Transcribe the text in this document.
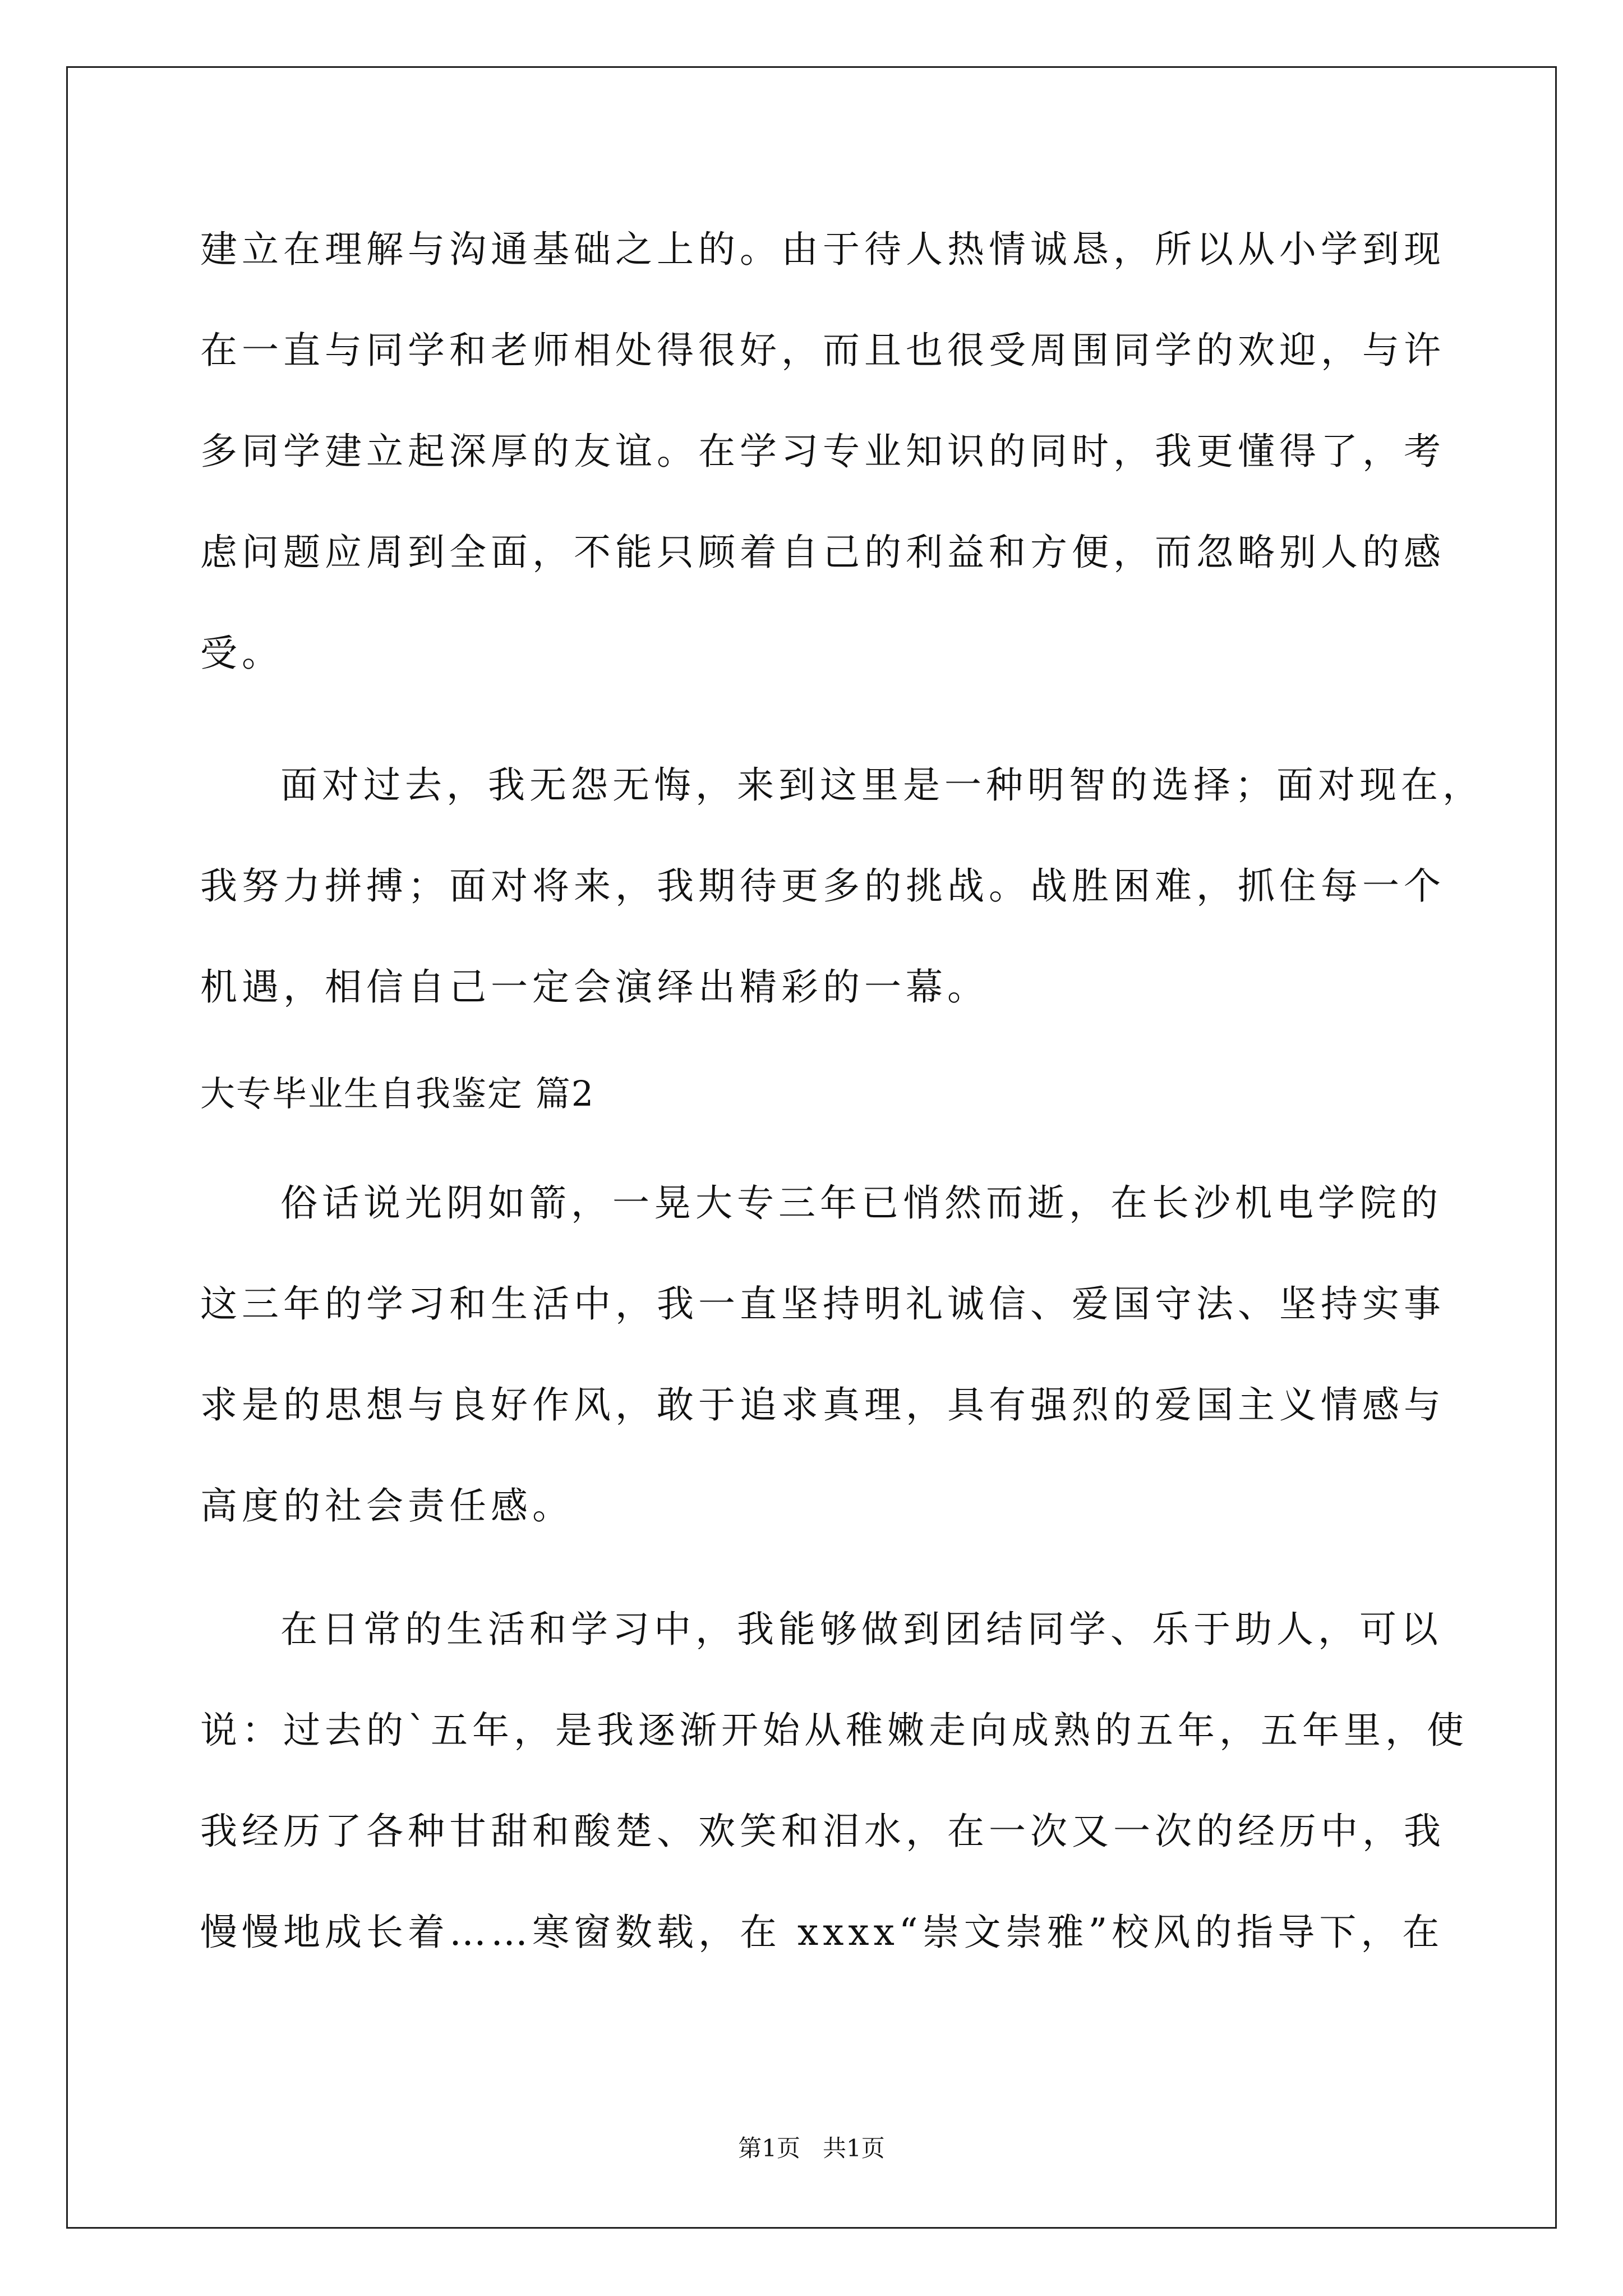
建立在理解与沟通基础之上的。由于待人热情诚恳，所以从小学到现
在一直与同学和老师相处得很好，而且也很受周围同学的欢迎，与许
多同学建立起深厚的友谊。在学习专业知识的同时，我更懂得了，考
虑问题应周到全面，不能只顾着自己的利益和方便，而忽略别人的感
受。
面对过去，我无怨无悔，来到这里是一种明智的选择；面对现在，
我努力拼搏；面对将来，我期待更多的挑战。战胜困难，抓住每一个
机遇，相信自己一定会演绎出精彩的一幕。
大专毕业生自我鉴定 篇2
俗话说光阴如箭，一晃大专三年已悄然而逝，在长沙机电学院的
这三年的学习和生活中，我一直坚持明礼诚信、爱国守法、坚持实事
求是的思想与良好作风，敢于追求真理，具有强烈的爱国主义情感与
高度的社会责任感。
在日常的生活和学习中，我能够做到团结同学、乐于助人，可以
说：过去的`五年，是我逐渐开始从稚嫩走向成熟的五年，五年里，使
我经历了各种甘甜和酸楚、欢笑和泪水，在一次又一次的经历中，我
慢慢地成长着……寒窗数载，在 xxxx“崇文崇雅”校风的指导下，在
第1页   共1页
